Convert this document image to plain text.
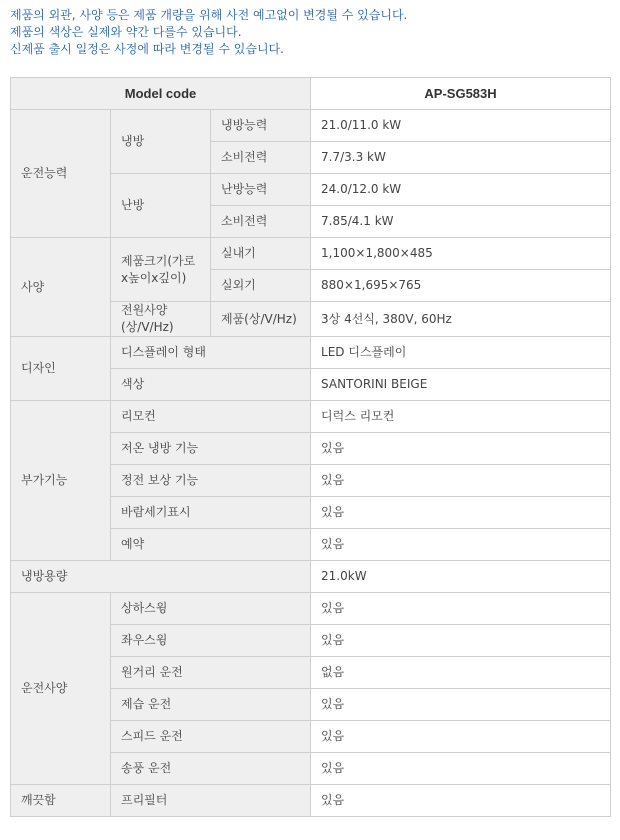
제품의 외관, 사양 등은 제품 개량을 위해 사전 예고없이 변경될 수 있습니다.
제품의 색상은 실제와 약간 다를수 있습니다.
신제품 출시 일정은 사정에 따라 변경될 수 있습니다.
Model code			AP-SG583H
운전능력	냉방	냉방능력	21.0/11.0 kW
		소비전력	7.7/3.3 kW
	난방	난방능력	24.0/12.0 kW
		소비전력	7.85/4.1 kW
사양	제품크기(가로x높이x깊이)	실내기	1,100×1,800×485
		실외기	880×1,695×765
	전원사양(상/V/Hz)	제품(상/V/Hz)	3상 4선식, 380V, 60Hz
디자인	디스플레이 형태		LED 디스플레이
	색상		SANTORINI BEIGE
부가기능	리모컨		디럭스 리모컨
	저온 냉방 기능		있음
	정전 보상 기능		있음
	바람세기표시		있음
	예약		있음
냉방용량			21.0kW
운전사양	상하스윙		있음
	좌우스윙		있음
	원거리 운전		없음
	제습 운전		있음
	스피드 운전		있음
	송풍 운전		있음
깨끗함	프리필터		있음
